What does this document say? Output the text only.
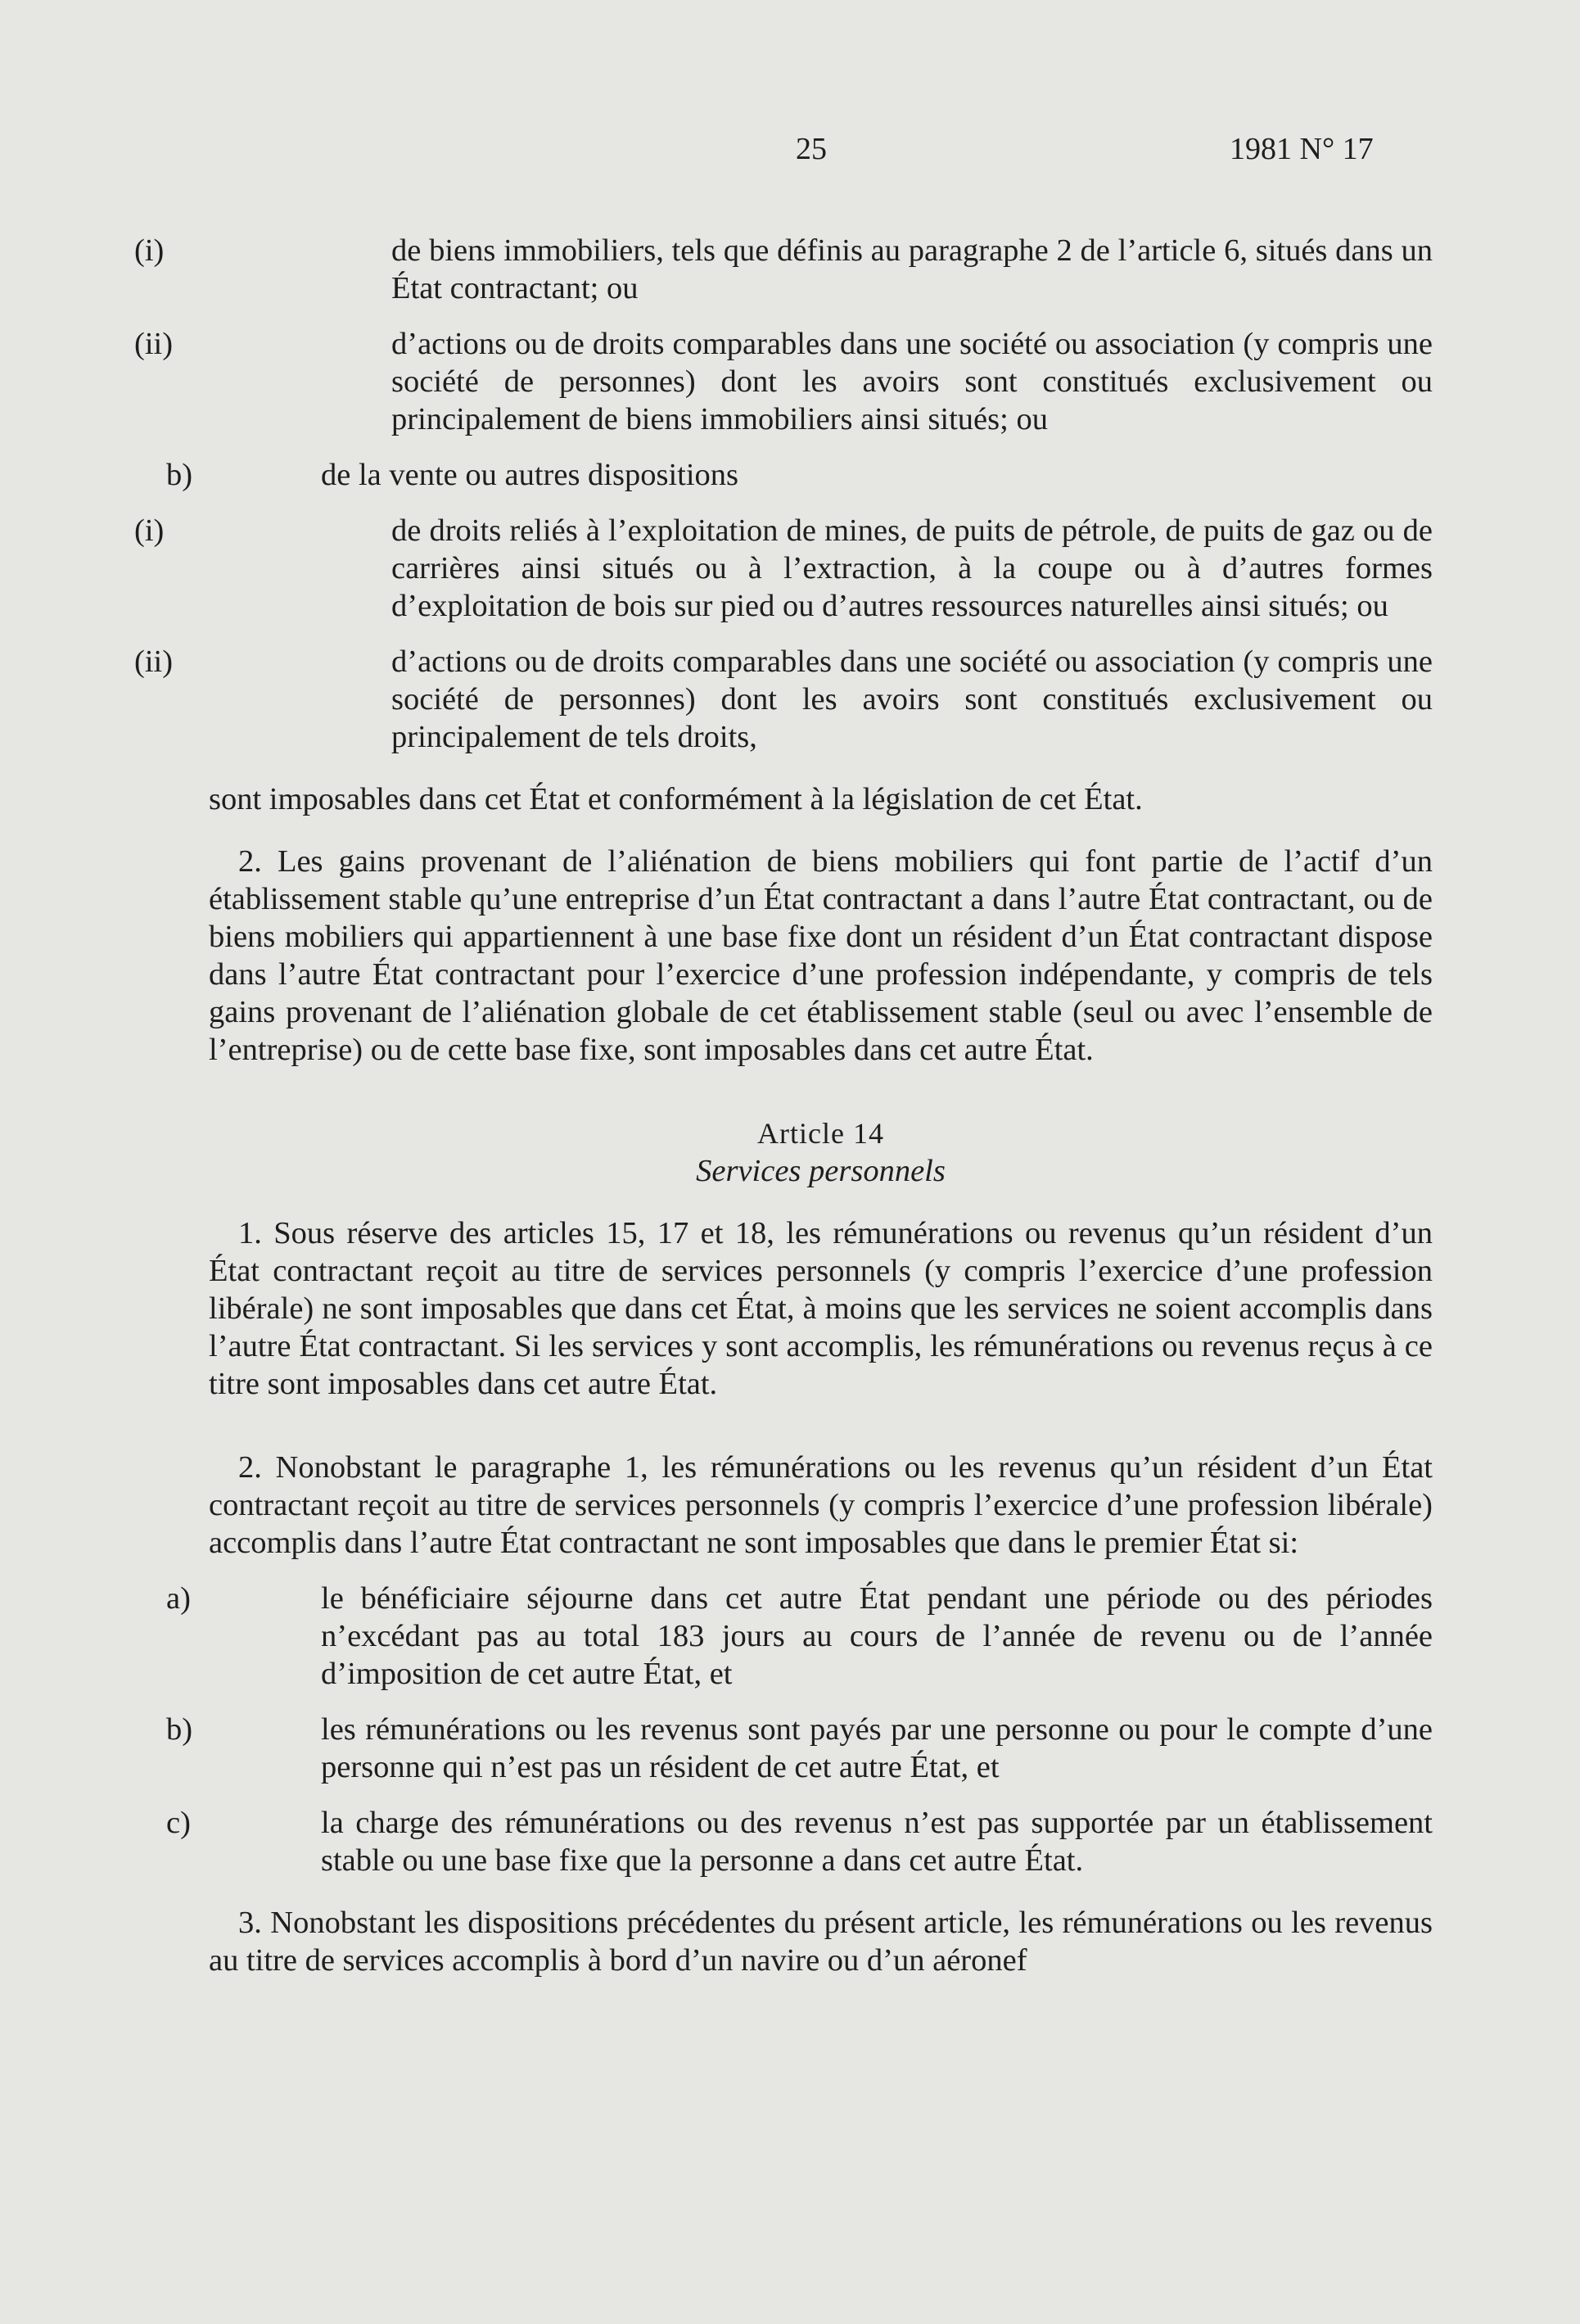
25	1981 N° 17
(i)	de biens immobiliers, tels que définis au paragraphe 2 de l’article 6, situés dans un État contractant; ou
(ii)	d’actions ou de droits comparables dans une société ou association (y compris une société de personnes) dont les avoirs sont constitués exclusivement ou principalement de biens immobiliers ainsi situés; ou
b)	de la vente ou autres dispositions
(i)	de droits reliés à l’exploitation de mines, de puits de pétrole, de puits de gaz ou de carrières ainsi situés ou à l’extraction, à la coupe ou à d’autres formes d’exploitation de bois sur pied ou d’autres ressources naturelles ainsi situés; ou
(ii)	d’actions ou de droits comparables dans une société ou association (y compris une société de personnes) dont les avoirs sont constitués exclusivement ou principalement de tels droits,
sont imposables dans cet État et conformément à la législation de cet État.
2. Les gains provenant de l’aliénation de biens mobiliers qui font partie de l’actif d’un établissement stable qu’une entreprise d’un État contractant a dans l’autre État contractant, ou de biens mobiliers qui appartiennent à une base fixe dont un résident d’un État contractant dispose dans l’autre État contractant pour l’exercice d’une profession indépendante, y compris de tels gains provenant de l’aliénation globale de cet établissement stable (seul ou avec l’ensemble de l’entreprise) ou de cette base fixe, sont imposables dans cet autre État.
Article 14
Services personnels
1. Sous réserve des articles 15, 17 et 18, les rémunérations ou revenus qu’un résident d’un État contractant reçoit au titre de services personnels (y compris l’exercice d’une profession libérale) ne sont imposables que dans cet État, à moins que les services ne soient accomplis dans l’autre État contractant. Si les services y sont accomplis, les rémunérations ou revenus reçus à ce titre sont imposables dans cet autre État.
2. Nonobstant le paragraphe 1, les rémunérations ou les revenus qu’un résident d’un État contractant reçoit au titre de services personnels (y compris l’exercice d’une profession libérale) accomplis dans l’autre État contractant ne sont imposables que dans le premier État si:
a)	le bénéficiaire séjourne dans cet autre État pendant une période ou des périodes n’excédant pas au total 183 jours au cours de l’année de revenu ou de l’année d’imposition de cet autre État, et
b)	les rémunérations ou les revenus sont payés par une personne ou pour le compte d’une personne qui n’est pas un résident de cet autre État, et
c)	la charge des rémunérations ou des revenus n’est pas supportée par un établissement stable ou une base fixe que la personne a dans cet autre État.
3. Nonobstant les dispositions précédentes du présent article, les rémunérations ou les revenus au titre de services accomplis à bord d’un navire ou d’un aéronef
